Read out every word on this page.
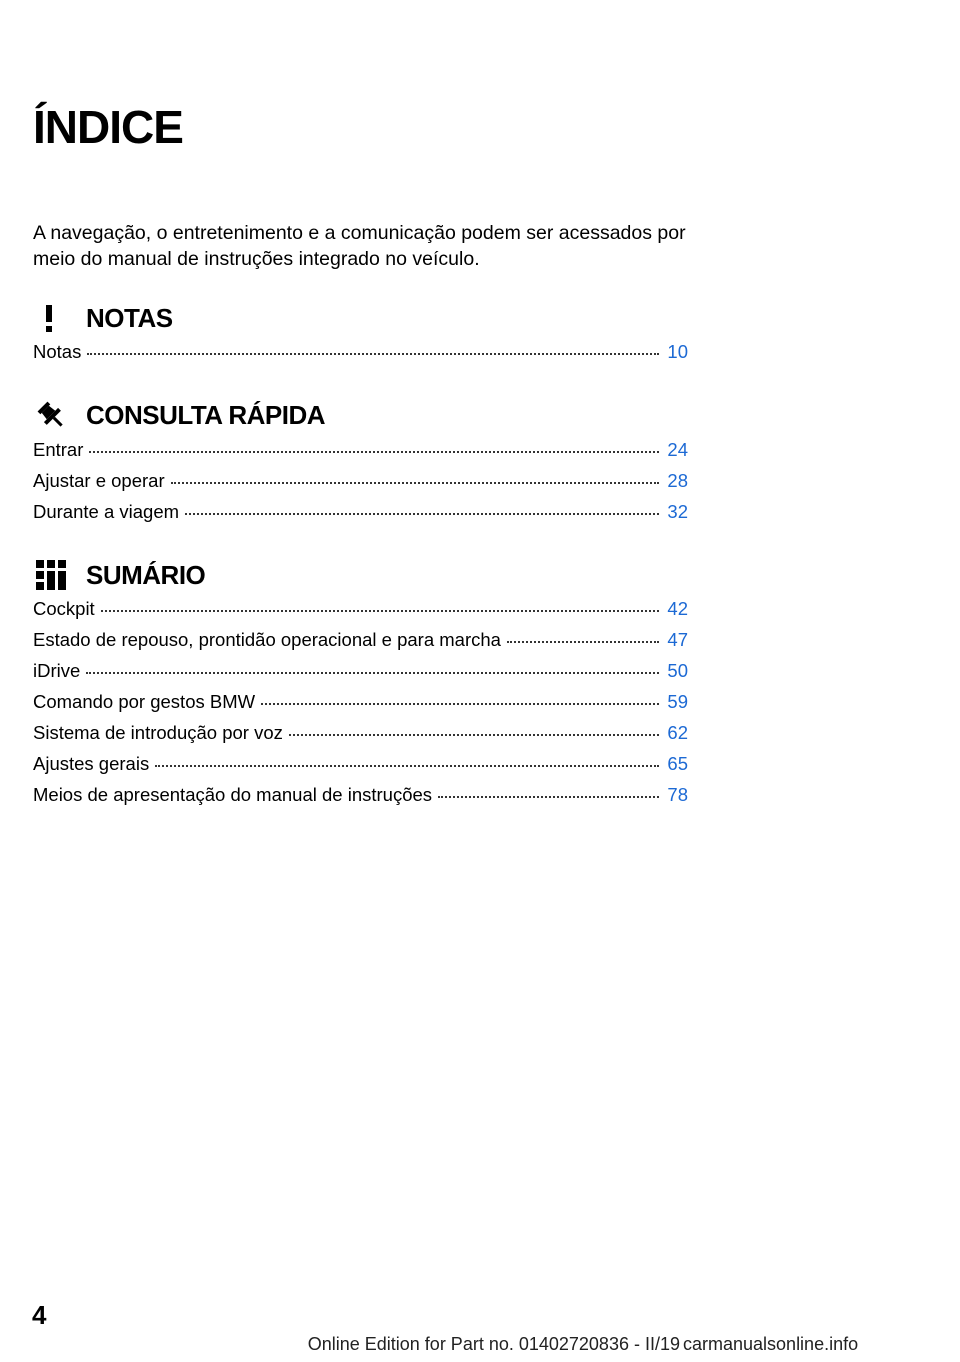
ÍNDICE

A navegação, o entretenimento e a comunicação podem ser acessados por meio do manual de instruções integrado no veículo.

NOTAS
Notas	10
CONSULTA RÁPIDA
Entrar	24
Ajustar e operar	28
Durante a viagem	32
SUMÁRIO
Cockpit	42
Estado de repouso, prontidão operacional e para marcha	47
iDrive	50
Comando por gestos BMW	59
Sistema de introdução por voz	62
Ajustes gerais	65
Meios de apresentação do manual de instruções	78
4
Online Edition for Part no. 01402720836 - II/19 carmanualsonline.info
